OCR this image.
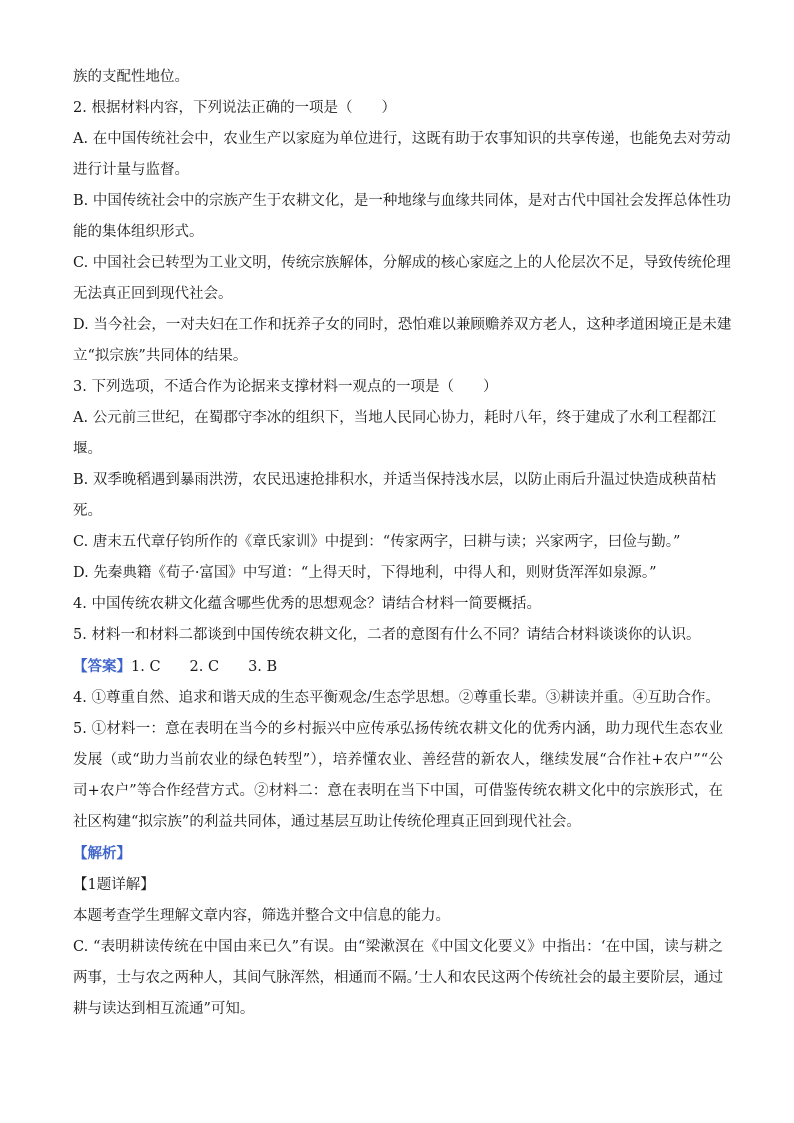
族的支配性地位。

2. 根据材料内容，下列说法正确的一项是（　　）

A. 在中国传统社会中，农业生产以家庭为单位进行，这既有助于农事知识的共享传递，也能免去对劳动

进行计量与监督。

B. 中国传统社会中的宗族产生于农耕文化，是一种地缘与血缘共同体，是对古代中国社会发挥总体性功

能的集体组织形式。

C. 中国社会已转型为工业文明，传统宗族解体，分解成的核心家庭之上的人伦层次不足，导致传统伦理

无法真正回到现代社会。

D. 当今社会，一对夫妇在工作和抚养子女的同时，恐怕难以兼顾赡养双方老人，这种孝道困境正是未建

立“拟宗族”共同体的结果。

3. 下列选项，不适合作为论据来支撑材料一观点的一项是（　　）

A. 公元前三世纪，在蜀郡守李冰的组织下，当地人民同心协力，耗时八年，终于建成了水利工程都江

堰。

B. 双季晚稻遇到暴雨洪涝，农民迅速抢排积水，并适当保持浅水层，以防止雨后升温过快造成秧苗枯

死。

C. 唐末五代章仔钧所作的《章氏家训》中提到：“传家两字，曰耕与读；兴家两字，曰俭与勤。”

D. 先秦典籍《荀子·富国》中写道：“上得天时，下得地利，中得人和，则财货浑浑如泉源。”

4. 中国传统农耕文化蕴含哪些优秀的思想观念？请结合材料一简要概括。

5. 材料一和材料二都谈到中国传统农耕文化，二者的意图有什么不同？请结合材料谈谈你的认识。

【答案】1. C　　2. C　　3. B

4. ①尊重自然、追求和谐天成的生态平衡观念/生态学思想。②尊重长辈。③耕读并重。④互助合作。

5. ①材料一：意在表明在当今的乡村振兴中应传承弘扬传统农耕文化的优秀内涵，助力现代生态农业发展（或“助力当前农业的绿色转型”），培养懂农业、善经营的新农人，继续发展“合作社+农户”“公司+农户”等合作经营方式。②材料二：意在表明在当下中国，可借鉴传统农耕文化中的宗族形式，在社区构建“拟宗族”的利益共同体，通过基层互助让传统伦理真正回到现代社会。

【解析】

【1题详解】

本题考查学生理解文章内容，筛选并整合文中信息的能力。

C. “表明耕读传统在中国由来已久”有误。由“梁漱溟在《中国文化要义》中指出：‘在中国，读与耕之两事，士与农之两种人，其间气脉浑然，相通而不隔。’士人和农民这两个传统社会的最主要阶层，通过耕与读达到相互流通”可知。
